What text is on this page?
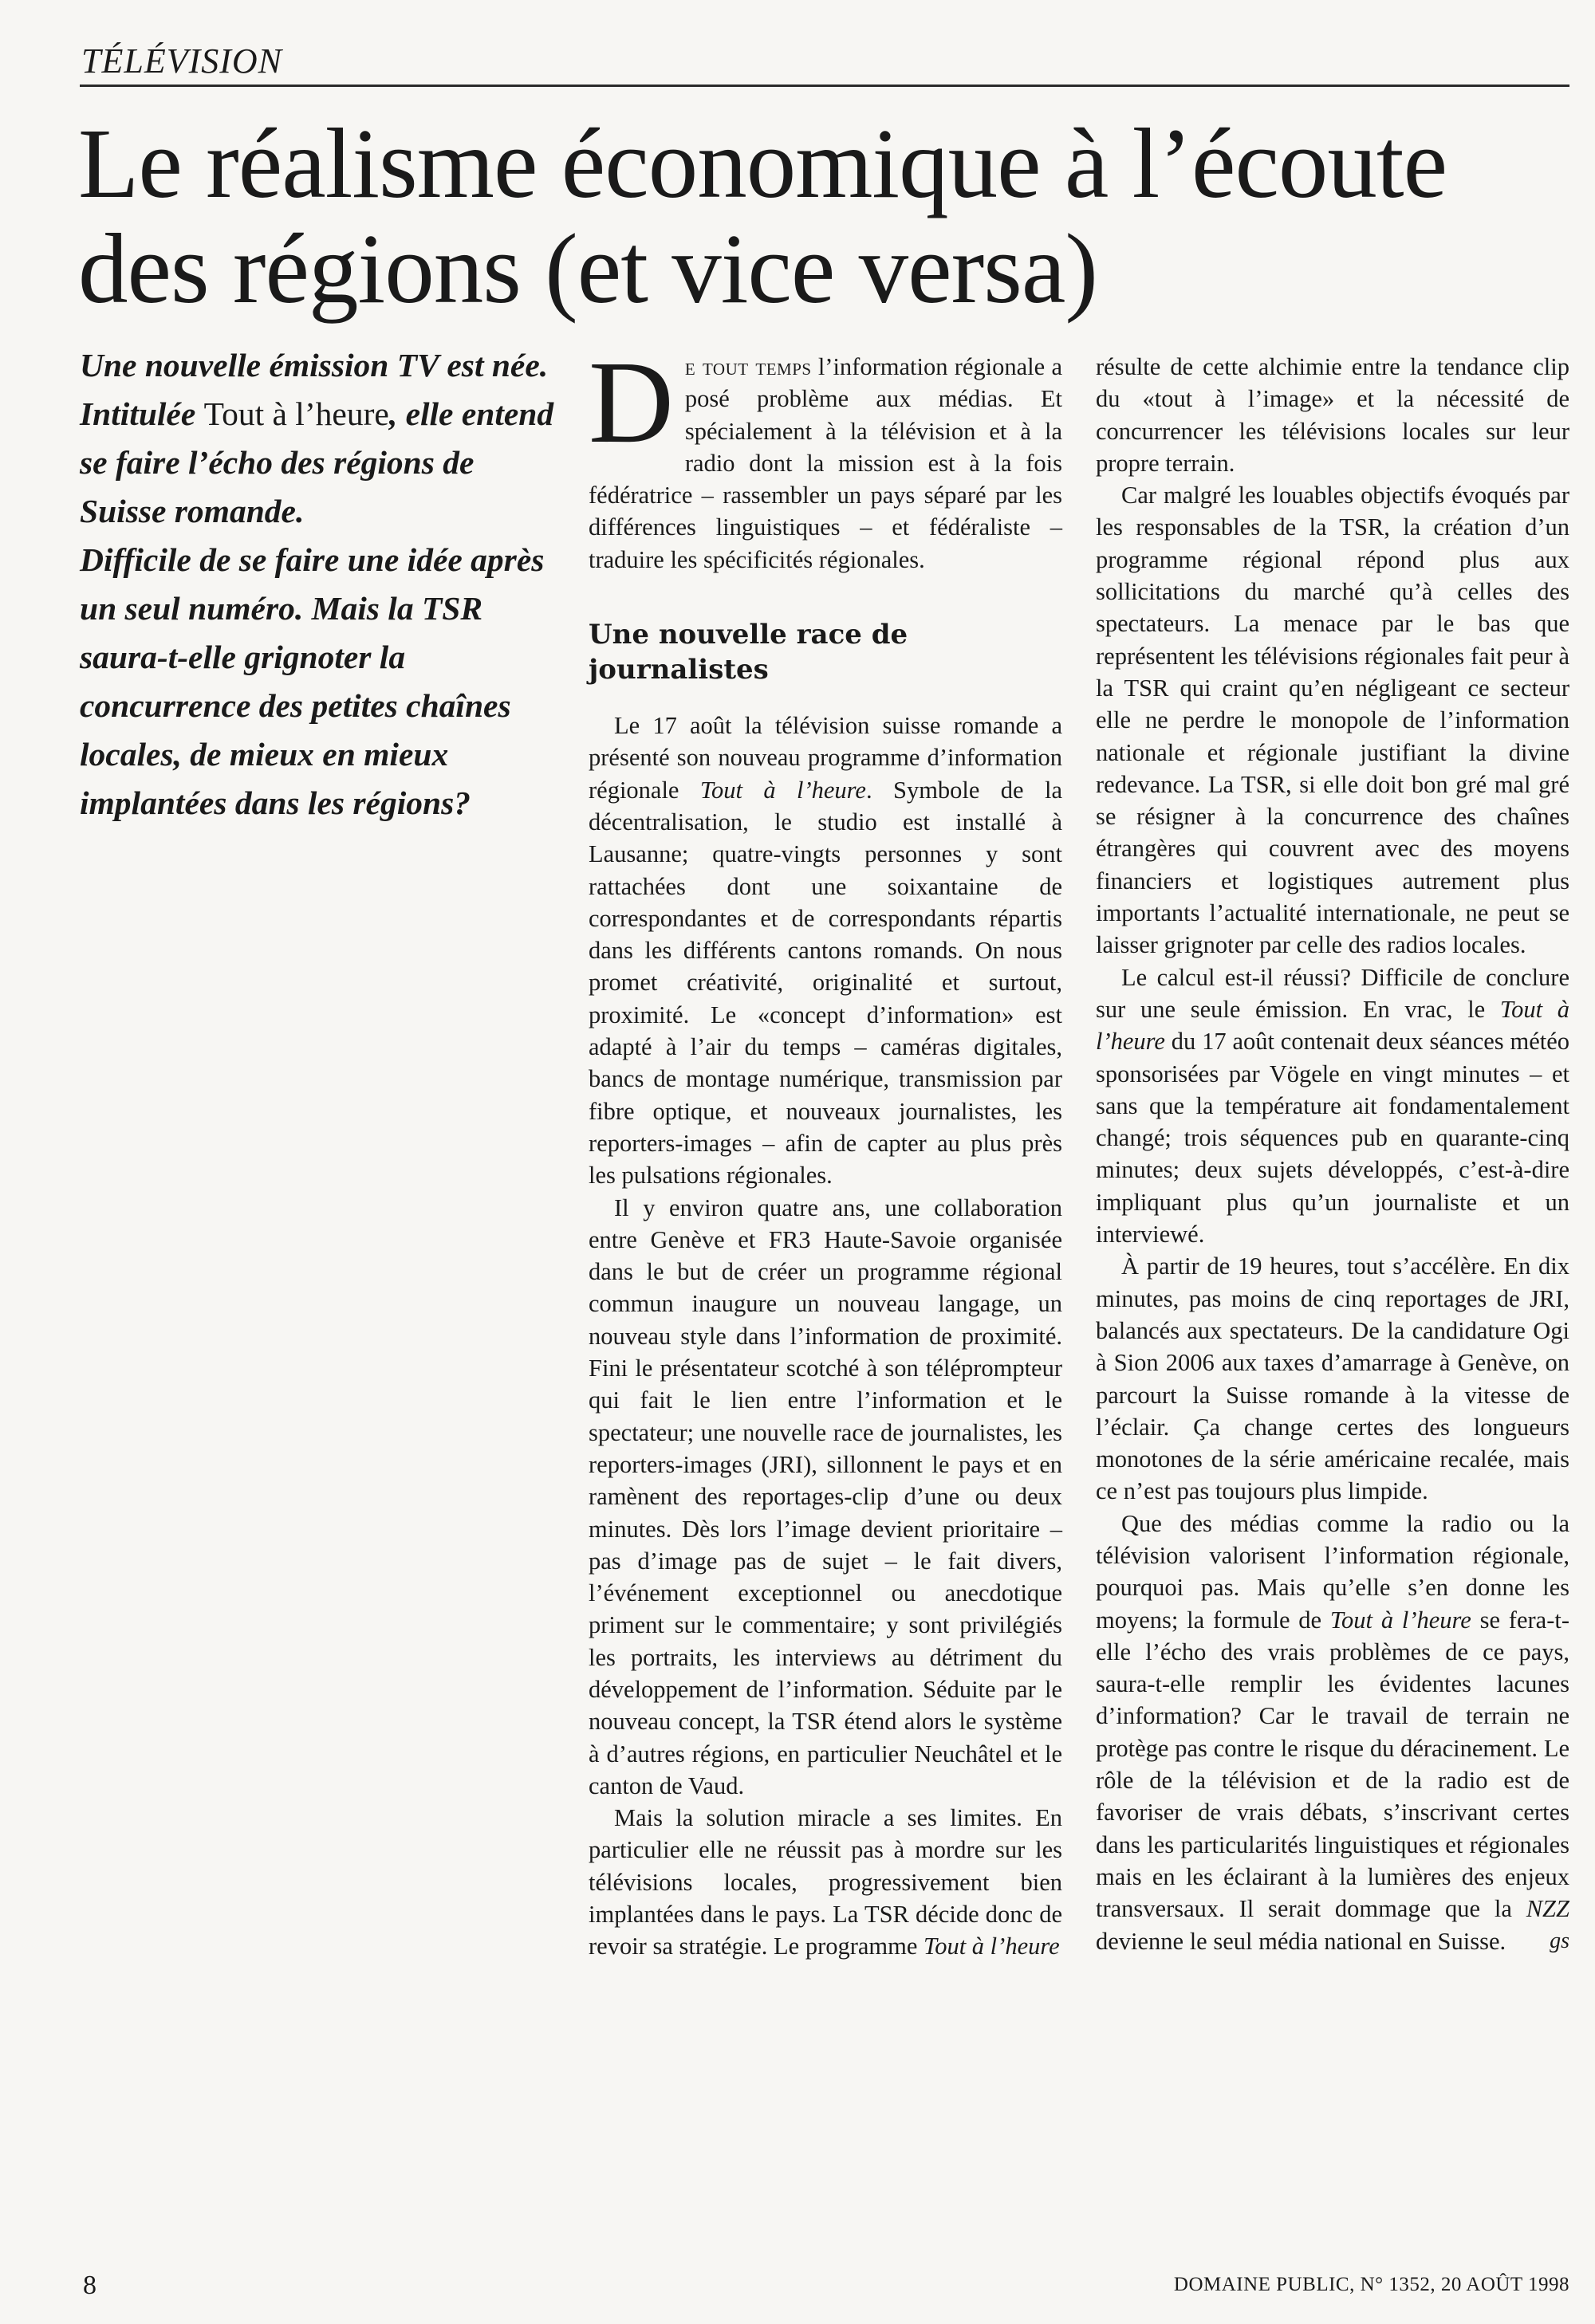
TÉLÉVISION
Le réalisme économique à l’écoute
des régions (et vice versa)
Une nouvelle émission TV est née. Intitulée Tout à l’heure, elle entend se faire l’écho des régions de Suisse romande.
Difficile de se faire une idée après un seul numéro. Mais la TSR saura-t-elle grignoter la concurrence des petites chaînes locales, de mieux en mieux implantées dans les régions?

De tout temps l’information régionale a posé problème aux médias. Et spécialement à la télévision et à la radio dont la mission est à la fois fédératrice – rassembler un pays séparé par les différences linguistiques – et fédéraliste – traduire les spécificités régionales.

Une nouvelle race de journalistes

Le 17 août la télévision suisse romande a présenté son nouveau programme d’information régionale Tout à l’heure. Symbole de la décentralisation, le studio est installé à Lausanne; quatre-vingts personnes y sont rattachées dont une soixantaine de correspondantes et de correspondants répartis dans les différents cantons romands. On nous promet créativité, originalité et surtout, proximité. Le «concept d’information» est adapté à l’air du temps – caméras digitales, bancs de montage numérique, transmission par fibre optique, et nouveaux journalistes, les reporters-images – afin de capter au plus près les pulsations régionales.

Il y environ quatre ans, une collaboration entre Genève et FR3 Haute-Savoie organisée dans le but de créer un programme régional commun inaugure un nouveau langage, un nouveau style dans l’information de proximité. Fini le présentateur scotché à son téléprompteur qui fait le lien entre l’information et le spectateur; une nouvelle race de journalistes, les reporters-images (JRI), sillonnent le pays et en ramènent des reportages-clip d’une ou deux minutes. Dès lors l’image devient prioritaire – pas d’image pas de sujet – le fait divers, l’événement exceptionnel ou anecdotique priment sur le commentaire; y sont privilégiés les portraits, les interviews au détriment du développement de l’information. Séduite par le nouveau concept, la TSR étend alors le système à d’autres régions, en particulier Neuchâtel et le canton de Vaud.

Mais la solution miracle a ses limites. En particulier elle ne réussit pas à mordre sur les télévisions locales, progressivement bien implantées dans le pays. La TSR décide donc de revoir sa stratégie. Le programme Tout à l’heure

résulte de cette alchimie entre la tendance clip du «tout à l’image» et la nécessité de concurrencer les télévisions locales sur leur propre terrain.

Car malgré les louables objectifs évoqués par les responsables de la TSR, la création d’un programme régional répond plus aux sollicitations du marché qu’à celles des spectateurs. La menace par le bas que représentent les télévisions régionales fait peur à la TSR qui craint qu’en négligeant ce secteur elle ne perdre le monopole de l’information nationale et régionale justifiant la divine redevance. La TSR, si elle doit bon gré mal gré se résigner à la concurrence des chaînes étrangères qui couvrent avec des moyens financiers et logistiques autrement plus importants l’actualité internationale, ne peut se laisser grignoter par celle des radios locales.

Le calcul est-il réussi? Difficile de conclure sur une seule émission. En vrac, le Tout à l’heure du 17 août contenait deux séances météo sponsorisées par Vögele en vingt minutes – et sans que la température ait fondamentalement changé; trois séquences pub en quarante-cinq minutes; deux sujets développés, c’est-à-dire impliquant plus qu’un journaliste et un interviewé.

À partir de 19 heures, tout s’accélère. En dix minutes, pas moins de cinq reportages de JRI, balancés aux spectateurs. De la candidature Ogi à Sion 2006 aux taxes d’amarrage à Genève, on parcourt la Suisse romande à la vitesse de l’éclair. Ça change certes des longueurs monotones de la série américaine recalée, mais ce n’est pas toujours plus limpide.

Que des médias comme la radio ou la télévision valorisent l’information régionale, pourquoi pas. Mais qu’elle s’en donne les moyens; la formule de Tout à l’heure se fera-t-elle l’écho des vrais problèmes de ce pays, saura-t-elle remplir les évidentes lacunes d’information? Car le travail de terrain ne protège pas contre le risque du déracinement. Le rôle de la télévision et de la radio est de favoriser de vrais débats, s’inscrivant certes dans les particularités linguistiques et régionales mais en les éclairant à la lumières des enjeux transversaux. Il serait dommage que la NZZ devienne le seul média national en Suisse.	gs

8	DOMAINE PUBLIC, N° 1352, 20 AOÛT 1998
